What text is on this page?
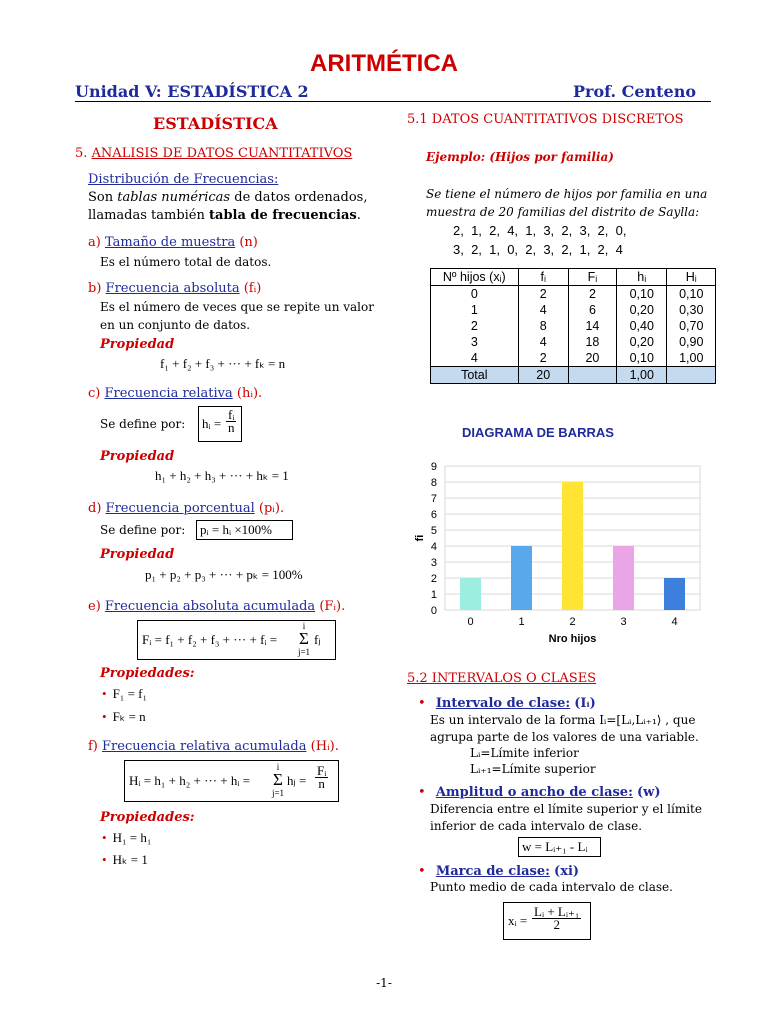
ARITMÉTICA
Unidad V: ESTADÍSTICA 2	Prof. Centeno
ESTADÍSTICA
5. ANALISIS DE DATOS CUANTITATIVOS
Distribución de Frecuencias:
Son tablas numéricas de datos ordenados,
llamadas también tabla de frecuencias.
a) Tamaño de muestra (n)
Es el número total de datos.
b) Frecuencia absoluta (fᵢ)
Es el número de veces que se repite un valor
en un conjunto de datos.
Propiedad
f₁ + f₂ + f₃ + ··· + fₖ = n
c) Frecuencia relativa (hᵢ).
Se define por: hᵢ = $\frac{\text{fᵢ}}{n}$
Propiedad
h₁ + h₂ + h₃ + ··· + hₖ = 1
d) Frecuencia porcentual (pᵢ).
Se define por:	pᵢ = hᵢ ×100%
Propiedad
p₁ + p₂ + p₃ + ··· + pₖ = 100%
e) Frecuencia absoluta acumulada (Fᵢ).
Fᵢ = f₁ + f₂ + f₃ + ··· + fᵢ =
i
Σ
j=1
fⱼ
Propiedades:
• F₁ = f₁
• Fₖ = n
f) Frecuencia relativa acumulada (Hᵢ).
Hᵢ = h₁ + h₂ + ··· + hᵢ =
i
Σ
j=1
hⱼ = $\frac{\text{Fᵢ}}{n}$
Propiedades:
• H₁ = h₁
• Hₖ = 1
5.1 DATOS CUANTITATIVOS DISCRETOS
Ejemplo: (Hijos por familia)
Se tiene el número de hijos por familia en una
muestra de 20 familias del distrito de Saylla:
2,  1,  2,  4,  1,  3,  2,  3,  2,  0,
3,  2,  1,  0,  2,  3,  2,  1,  2,  4
Nº hijos (xᵢ)	fᵢ	Fᵢ	hᵢ	Hᵢ
0	2	2	0,10	0,10
1	4	6	0,20	0,30
2	8	14	0,40	0,70
3	4	18	0,20	0,90
4	2	20	0,10	1,00
Total	20		1,00	
DIAGRAMA DE BARRAS
0
1
2
3
4
5
6
7
8
9
0	1	2	3	4
Nro hijos
fi
5.2 INTERVALOS O CLASES
• Intervalo de clase: (Iᵢ)
Es un intervalo de la forma Iᵢ=[Lᵢ,Lᵢ₊₁⟩ , que
agrupa parte de los valores de una variable.
Lᵢ=Límite inferior
Lᵢ₊₁=Límite superior
• Amplitud o ancho de clase: (w)
Diferencia entre el límite superior y el límite
inferior de cada intervalo de clase.
w = Lᵢ₊₁ - Lᵢ
• Marca de clase: (xi)
Punto medio de cada intervalo de clase.
xᵢ = $\frac{\text{Lᵢ + Lᵢ₊₁}}{2}$
-1-
